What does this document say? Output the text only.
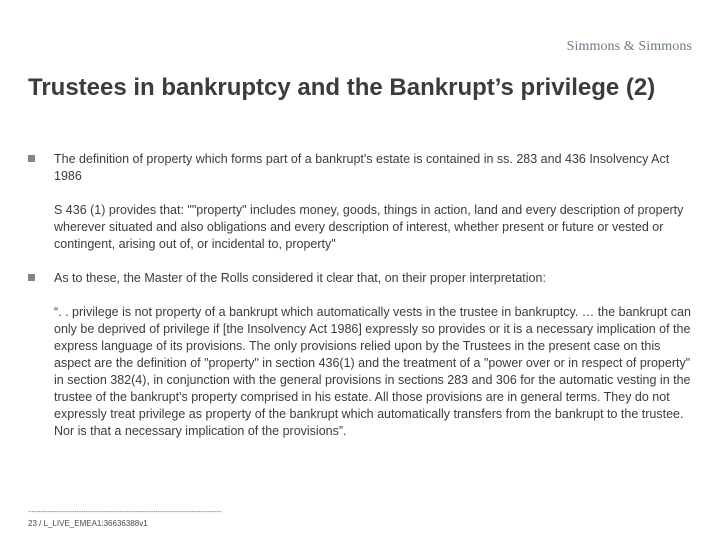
Simmons & Simmons
Trustees in bankruptcy and the Bankrupt’s privilege (2)
The definition of property which forms part of a bankrupt's estate is contained in ss. 283 and 436 Insolvency Act 1986
S 436 (1) provides that: ""property" includes money, goods, things in action, land and every description of property wherever situated and also obligations and every description of interest, whether present or future or vested or contingent, arising out of, or incidental to, property"
As to these, the Master of the Rolls considered it clear that, on their proper interpretation:
“. . privilege is not property of a bankrupt which automatically vests in the trustee in bankruptcy. … the bankrupt can only be deprived of privilege if [the Insolvency Act 1986] expressly so provides or it is a necessary implication of the express language of its provisions. The only provisions relied upon by the Trustees in the present case on this aspect are the definition of "property" in section 436(1) and the treatment of a "power over or in respect of property" in section 382(4), in conjunction with the general provisions in sections 283 and 306 for the automatic vesting in the trustee of the bankrupt's property comprised in his estate. All those provisions are in general terms. They do not expressly treat privilege as property of the bankrupt which automatically transfers from the bankrupt to the trustee. Nor is that a necessary implication of the provisions”.
▪▪▪▪▪▪▪▪▪▪▪▪▪▪▪▪▪▪▪▪▪▪▪▪▪▪▪▪▪▪▪▪▪▪▪▪▪▪▪▪▪▪▪▪▪▪▪▪▪▪▪▪▪▪▪▪▪▪▪▪▪▪▪▪▪▪▪▪▪▪▪▪▪▪▪▪▪▪▪▪▪▪▪▪▪▪▪▪▪▪▪▪▪▪▪▪▪▪▪▪▪▪▪▪▪▪▪▪
23 / L_LIVE_EMEA1:36636388v1
